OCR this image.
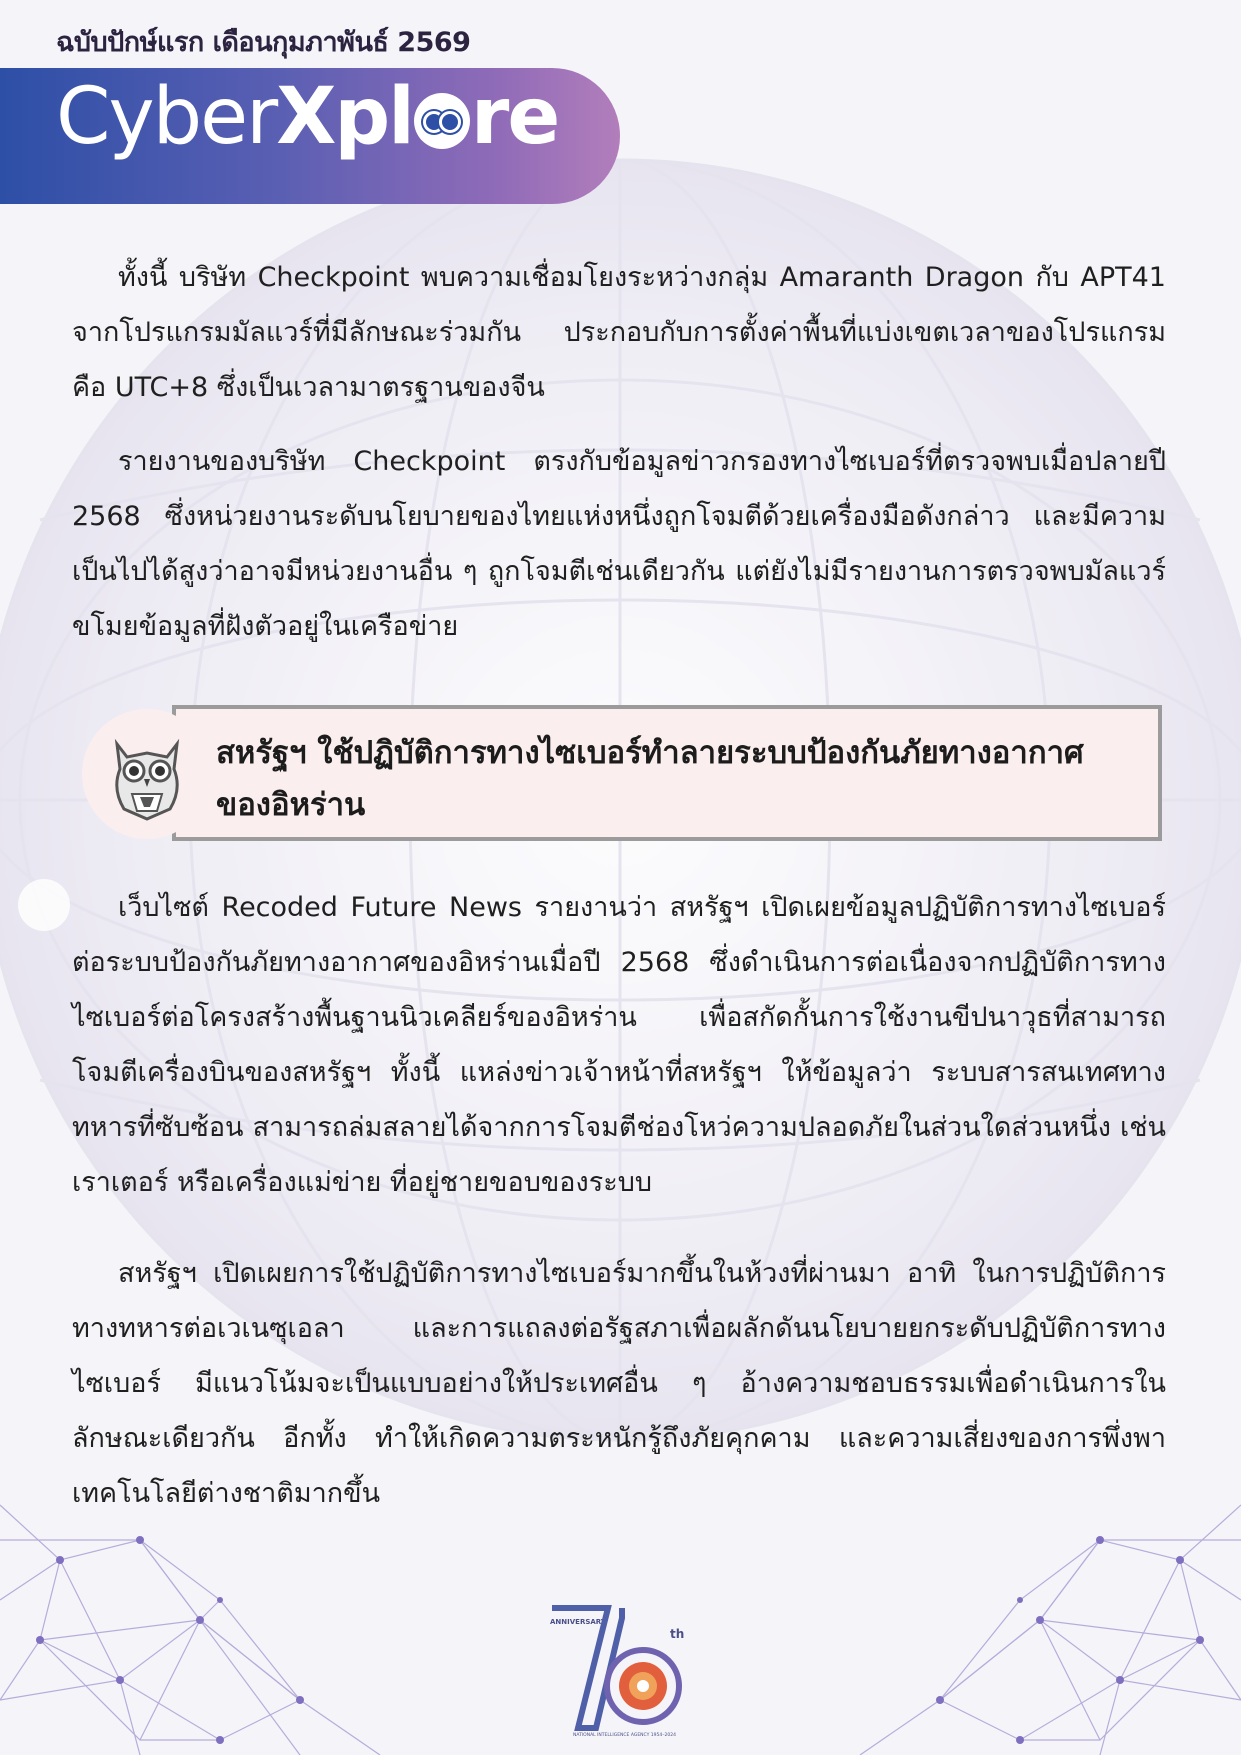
ฉบับปักษ์แรก เดือนกุมภาพันธ์ 2569
CyberXpl re

ทั้งนี้ บริษัท Checkpoint พบความเชื่อมโยงระหว่างกลุ่ม Amaranth Dragon กับ APT41 จากโปรแกรมมัลแวร์ที่มีลักษณะร่วมกัน ประกอบกับการตั้งค่าพื้นที่แบ่งเขตเวลาของโปรแกรม คือ UTC+8 ซึ่งเป็นเวลามาตรฐานของจีน

รายงานของบริษัท Checkpoint ตรงกับข้อมูลข่าวกรองทางไซเบอร์ที่ตรวจพบเมื่อปลายปี 2568 ซึ่งหน่วยงานระดับนโยบายของไทยแห่งหนึ่งถูกโจมตีด้วยเครื่องมือดังกล่าว และมีความเป็นไปได้สูงว่าอาจมีหน่วยงานอื่น ๆ ถูกโจมตีเช่นเดียวกัน แต่ยังไม่มีรายงานการตรวจพบมัลแวร์ขโมยข้อมูลที่ฝังตัวอยู่ในเครือข่าย

เว็บไซต์ Recoded Future News รายงานว่า สหรัฐฯ เปิดเผยข้อมูลปฏิบัติการทางไซเบอร์ต่อระบบป้องกันภัยทางอากาศของอิหร่านเมื่อปี 2568 ซึ่งดำเนินการต่อเนื่องจากปฏิบัติการทางไซเบอร์ต่อโครงสร้างพื้นฐานนิวเคลียร์ของอิหร่าน เพื่อสกัดกั้นการใช้งานขีปนาวุธที่สามารถโจมตีเครื่องบินของสหรัฐฯ ทั้งนี้ แหล่งข่าวเจ้าหน้าที่สหรัฐฯ ให้ข้อมูลว่า ระบบสารสนเทศทางทหารที่ซับซ้อน สามารถล่มสลายได้จากการโจมตีช่องโหว่ความปลอดภัยในส่วนใดส่วนหนึ่ง เช่น เราเตอร์ หรือเครื่องแม่ข่าย ที่อยู่ชายขอบของระบบ

สหรัฐฯ เปิดเผยการใช้ปฏิบัติการทางไซเบอร์มากขึ้นในห้วงที่ผ่านมา อาทิ ในการปฏิบัติการทางทหารต่อเวเนซุเอลา และการแถลงต่อรัฐสภาเพื่อผลักดันนโยบายยกระดับปฏิบัติการทางไซเบอร์ มีแนวโน้มจะเป็นแบบอย่างให้ประเทศอื่น ๆ อ้างความชอบธรรมเพื่อดำเนินการในลักษณะเดียวกัน อีกทั้ง ทำให้เกิดความตระหนักรู้ถึงภัยคุกคาม และความเสี่ยงของการพึ่งพาเทคโนโลยีต่างชาติมากขึ้น

สหรัฐฯ ใช้ปฏิบัติการทางไซเบอร์ทำลายระบบป้องกันภัยทางอากาศของอิหร่าน
ANNIVERSARY
th
NATIONAL INTELLIGENCE AGENCY 1954–2024
